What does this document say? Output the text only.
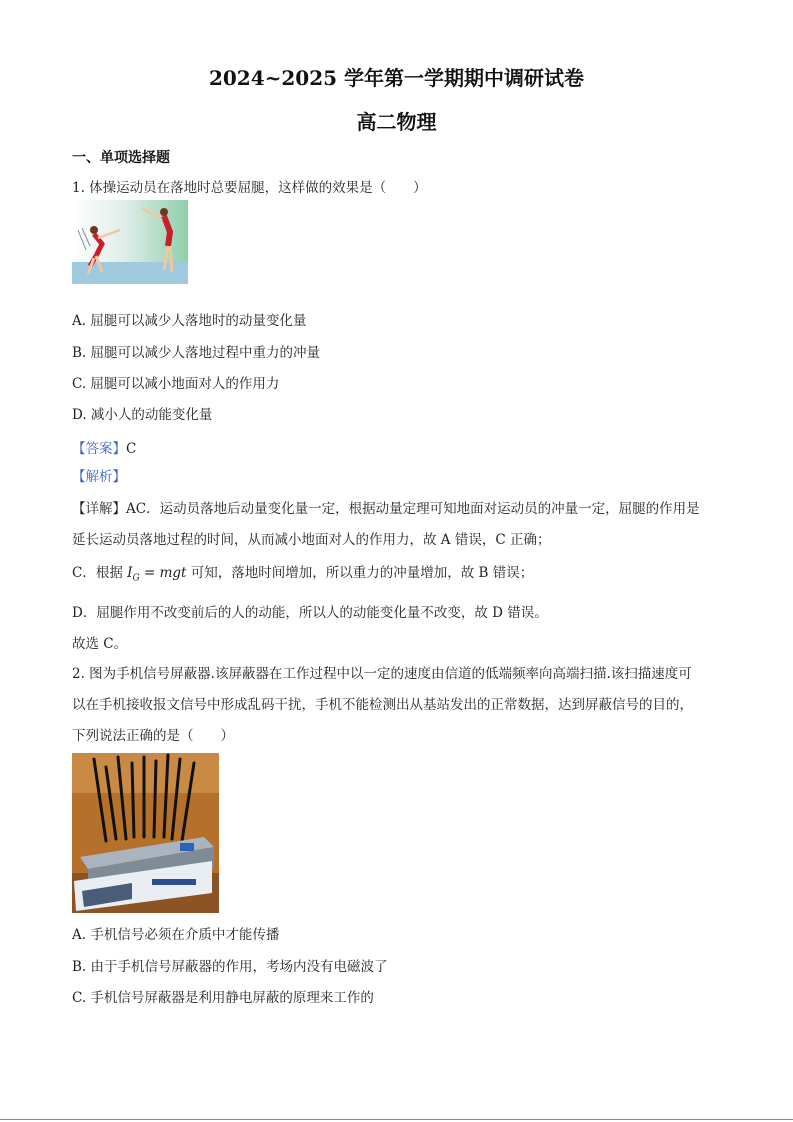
2024~2025 学年第一学期期中调研试卷
高二物理
一、单项选择题
1. 体操运动员在落地时总要屈腿，这样做的效果是（　　）
A. 屈腿可以减少人落地时的动量变化量
B. 屈腿可以减少人落地过程中重力的冲量
C. 屈腿可以减小地面对人的作用力
D. 减小人的动能变化量
【答案】C
【解析】
【详解】AC．运动员落地后动量变化量一定，根据动量定理可知地面对运动员的冲量一定，屈腿的作用是
延长运动员落地过程的时间，从而减小地面对人的作用力，故 A 错误，C 正确；
C．根据 $I_G$ = mgt 可知，落地时间增加，所以重力的冲量增加，故 B 错误；
D．屈腿作用不改变前后的人的动能，所以人的动能变化量不改变，故 D 错误。
故选 C。
2. 图为手机信号屏蔽器.该屏蔽器在工作过程中以一定的速度由信道的低端频率向高端扫描.该扫描速度可
以在手机接收报文信号中形成乱码干扰，手机不能检测出从基站发出的正常数据，达到屏蔽信号的目的，
下列说法正确的是（　　）
A. 手机信号必须在介质中才能传播
B. 由于手机信号屏蔽器的作用，考场内没有电磁波了
C. 手机信号屏蔽器是利用静电屏蔽的原理来工作的
